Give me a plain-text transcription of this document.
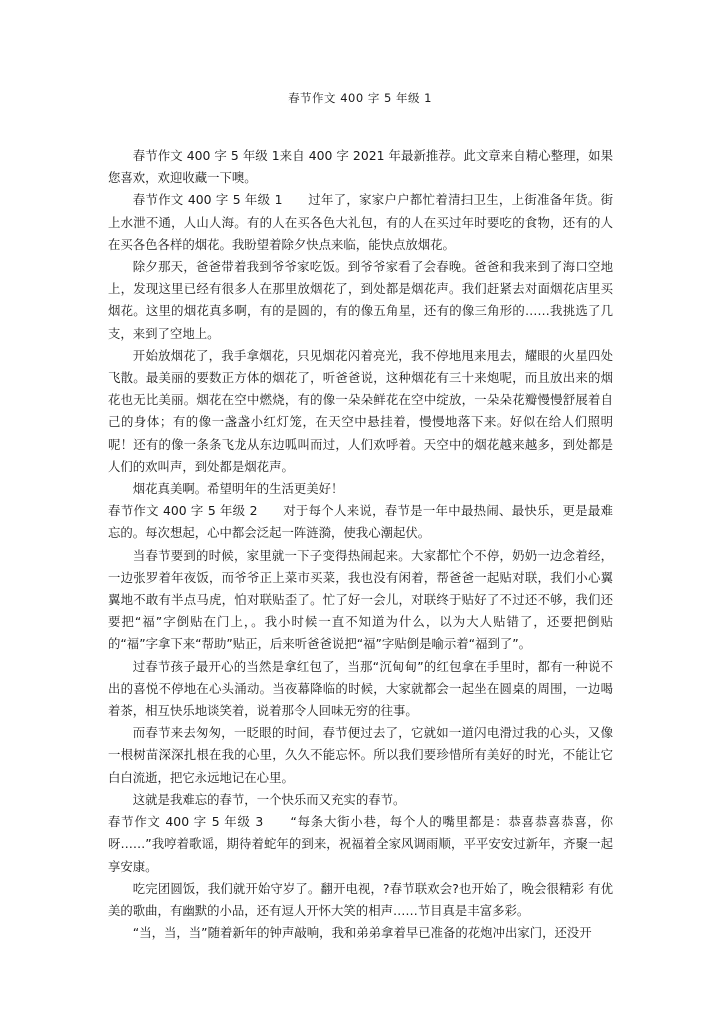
春节作文 400 字 5 年级 1

春节作文 400 字 5 年级 1来自 400 字 2021 年最新推荐。此文章来自精心整理，如果您喜欢，欢迎收藏一下噢。

春节作文 400 字 5 年级 1　　过年了，家家户户都忙着清扫卫生，上街准备年货。街上水泄不通，人山人海。有的人在买各色大礼包，有的人在买过年时要吃的食物，还有的人在买各色各样的烟花。我盼望着除夕快点来临，能快点放烟花。

除夕那天，爸爸带着我到爷爷家吃饭。到爷爷家看了会春晚。爸爸和我来到了海口空地上，发现这里已经有很多人在那里放烟花了，到处都是烟花声。我们赶紧去对面烟花店里买烟花。这里的烟花真多啊，有的是圆的，有的像五角星，还有的像三角形的……我挑选了几支，来到了空地上。

开始放烟花了，我手拿烟花，只见烟花闪着亮光，我不停地甩来甩去，耀眼的火星四处飞散。最美丽的要数正方体的烟花了，听爸爸说，这种烟花有三十来炮呢，而且放出来的烟花也无比美丽。烟花在空中燃烧，有的像一朵朵鲜花在空中绽放，一朵朵花瓣慢慢舒展着自己的身体；有的像一盏盏小红灯笼，在天空中悬挂着，慢慢地落下来。好似在给人们照明呢！还有的像一条条飞龙从东边呱叫而过，人们欢呼着。天空中的烟花越来越多，到处都是人们的欢叫声，到处都是烟花声。

烟花真美啊。希望明年的生活更美好！

春节作文 400 字 5 年级 2　　对于每个人来说，春节是一年中最热闹、最快乐，更是最难忘的。每次想起，心中都会泛起一阵涟漪，使我心潮起伏。

当春节要到的时候，家里就一下子变得热闹起来。大家都忙个不停，奶奶一边念着经，一边张罗着年夜饭，而爷爷正上菜市买菜，我也没有闲着，帮爸爸一起贴对联，我们小心翼翼地不敢有半点马虎，怕对联贴歪了。忙了好一会儿，对联终于贴好了不过还不够，我们还要把“福”字倒贴在门上，。我小时候一直不知道为什么，以为大人贴错了，还要把倒贴的“福”字拿下来“帮助”贴正，后来听爸爸说把“福”字贴倒是喻示着“福到了”。

过春节孩子最开心的当然是拿红包了，当那“沉甸甸”的红包拿在手里时，都有一种说不出的喜悦不停地在心头涌动。当夜幕降临的时候，大家就都会一起坐在圆桌的周围，一边喝着茶，相互快乐地谈笑着，说着那令人回味无穷的往事。

而春节来去匆匆，一眨眼的时间，春节便过去了，它就如一道闪电滑过我的心头，又像一根树苗深深扎根在我的心里，久久不能忘怀。所以我们要珍惜所有美好的时光，不能让它白白流逝，把它永远地记在心里。

这就是我难忘的春节，一个快乐而又充实的春节。

春节作文 400 字 5 年级 3　　“每条大街小巷，每个人的嘴里都是：恭喜恭喜恭喜，你呀……”我哼着歌谣，期待着蛇年的到来，祝福着全家风调雨顺，平平安安过新年，齐聚一起享安康。

吃完团圆饭，我们就开始守岁了。翻开电视，?春节联欢会?也开始了，晚会很精彩 有优美的歌曲，有幽默的小品，还有逗人开怀大笑的相声……节目真是丰富多彩。

“当，当，当”随着新年的钟声敲响，我和弟弟拿着早已准备的花炮冲出家门，还没开
